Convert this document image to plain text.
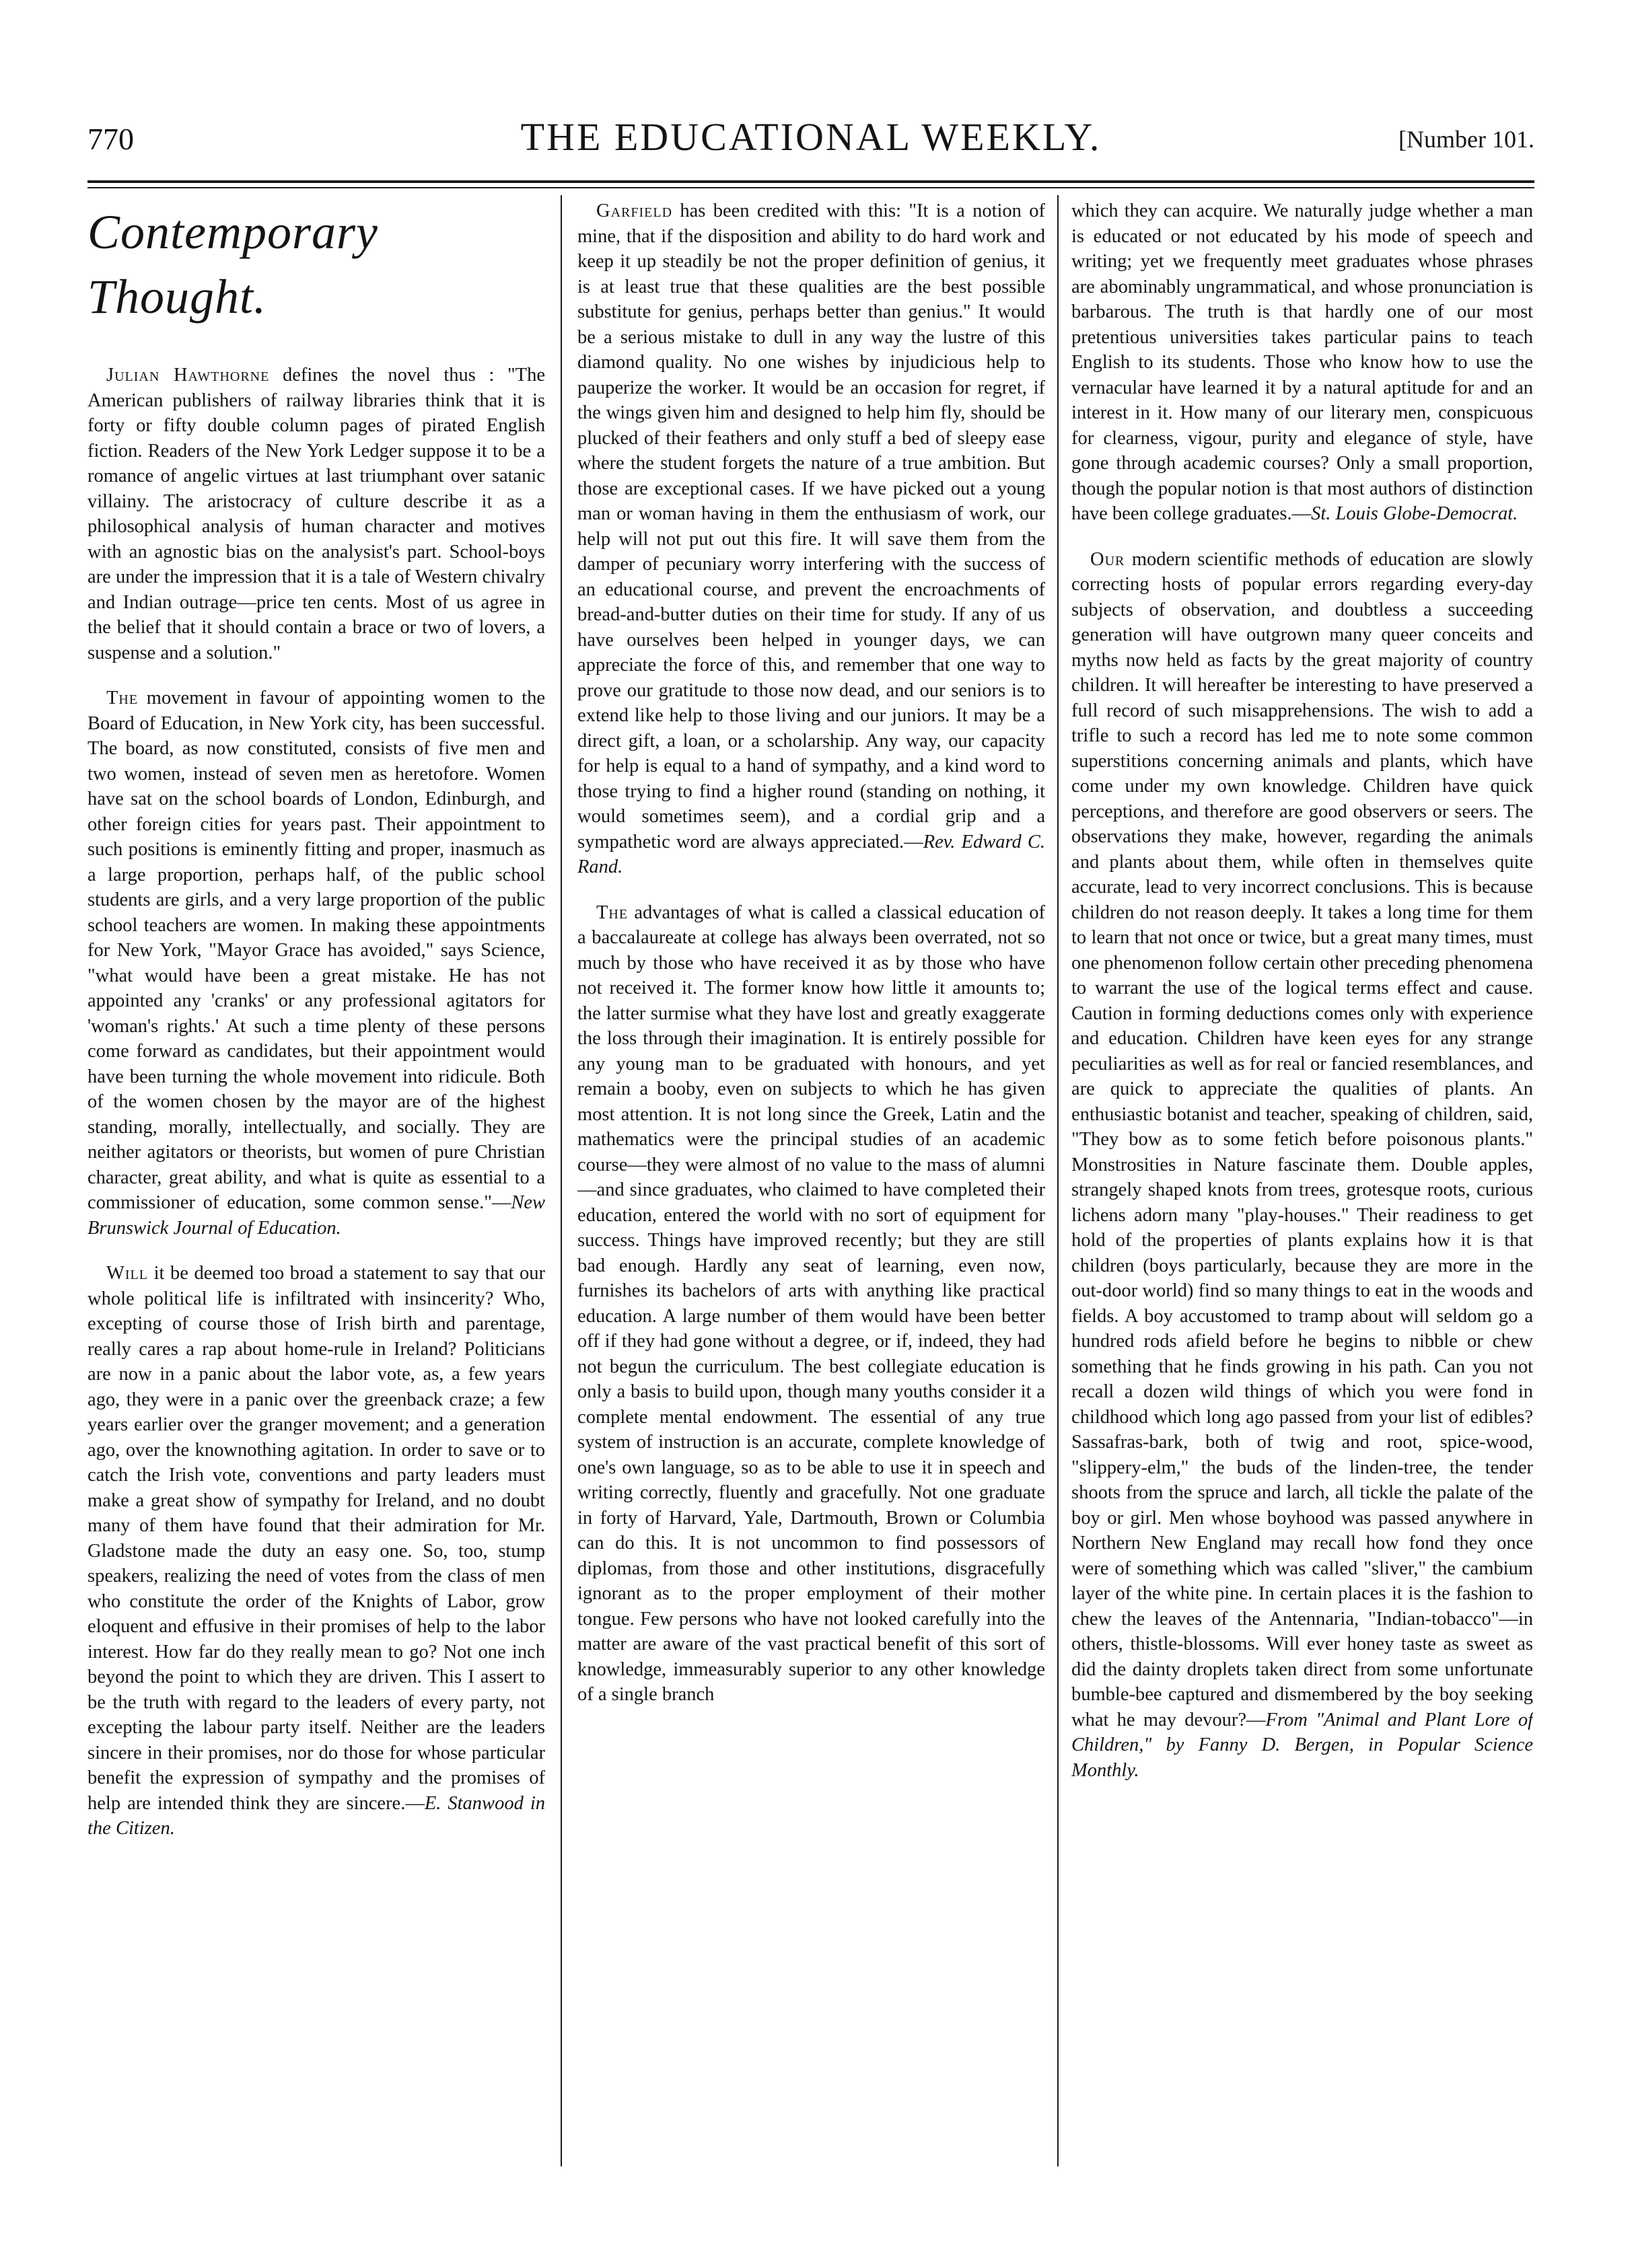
770	THE EDUCATIONAL WEEKLY.	[Number 101.
Contemporary Thought.

Julian Hawthorne defines the novel thus : "The American publishers of railway libraries think that it is forty or fifty double column pages of pirated English fiction. Readers of the New York Ledger suppose it to be a romance of angelic virtues at last triumphant over satanic villainy. The aristocracy of culture describe it as a philosophical analysis of human character and motives with an agnostic bias on the analysist's part. School-boys are under the impression that it is a tale of Western chivalry and Indian outrage—price ten cents. Most of us agree in the belief that it should contain a brace or two of lovers, a suspense and a solution."

The movement in favour of appointing women to the Board of Education, in New York city, has been successful. The board, as now constituted, consists of five men and two women, instead of seven men as heretofore. Women have sat on the school boards of London, Edinburgh, and other foreign cities for years past. Their appointment to such positions is eminently fitting and proper, inasmuch as a large proportion, perhaps half, of the public school students are girls, and a very large proportion of the public school teachers are women. In making these appointments for New York, "Mayor Grace has avoided," says Science, "what would have been a great mistake. He has not appointed any 'cranks' or any professional agitators for 'woman's rights.' At such a time plenty of these persons come forward as candidates, but their appointment would have been turning the whole movement into ridicule. Both of the women chosen by the mayor are of the highest standing, morally, intellectually, and socially. They are neither agitators or theorists, but women of pure Christian character, great ability, and what is quite as essential to a commissioner of education, some common sense."—New Brunswick Journal of Education.

Will it be deemed too broad a statement to say that our whole political life is infiltrated with insincerity? Who, excepting of course those of Irish birth and parentage, really cares a rap about home-rule in Ireland? Politicians are now in a panic about the labor vote, as, a few years ago, they were in a panic over the greenback craze; a few years earlier over the granger movement; and a generation ago, over the knownothing agitation. In order to save or to catch the Irish vote, conventions and party leaders must make a great show of sympathy for Ireland, and no doubt many of them have found that their admiration for Mr. Gladstone made the duty an easy one. So, too, stump speakers, realizing the need of votes from the class of men who constitute the order of the Knights of Labor, grow eloquent and effusive in their promises of help to the labor interest. How far do they really mean to go? Not one inch beyond the point to which they are driven. This I assert to be the truth with regard to the leaders of every party, not excepting the labour party itself. Neither are the leaders sincere in their promises, nor do those for whose particular benefit the expression of sympathy and the promises of help are intended think they are sincere.—E. Stanwood in the Citizen.

Garfield has been credited with this: "It is a notion of mine, that if the disposition and ability to do hard work and keep it up steadily be not the proper definition of genius, it is at least true that these qualities are the best possible substitute for genius, perhaps better than genius." It would be a serious mistake to dull in any way the lustre of this diamond quality. No one wishes by injudicious help to pauperize the worker. It would be an occasion for regret, if the wings given him and designed to help him fly, should be plucked of their feathers and only stuff a bed of sleepy ease where the student forgets the nature of a true ambition. But those are exceptional cases. If we have picked out a young man or woman having in them the enthusiasm of work, our help will not put out this fire. It will save them from the damper of pecuniary worry interfering with the success of an educational course, and prevent the encroachments of bread-and-butter duties on their time for study. If any of us have ourselves been helped in younger days, we can appreciate the force of this, and remember that one way to prove our gratitude to those now dead, and our seniors is to extend like help to those living and our juniors. It may be a direct gift, a loan, or a scholarship. Any way, our capacity for help is equal to a hand of sympathy, and a kind word to those trying to find a higher round (standing on nothing, it would sometimes seem), and a cordial grip and a sympathetic word are always appreciated.—Rev. Edward C. Rand.

The advantages of what is called a classical education of a baccalaureate at college has always been overrated, not so much by those who have received it as by those who have not received it. The former know how little it amounts to; the latter surmise what they have lost and greatly exaggerate the loss through their imagination. It is entirely possible for any young man to be graduated with honours, and yet remain a booby, even on subjects to which he has given most attention. It is not long since the Greek, Latin and the mathematics were the principal studies of an academic course—they were almost of no value to the mass of alumni—and since graduates, who claimed to have completed their education, entered the world with no sort of equipment for success. Things have improved recently; but they are still bad enough. Hardly any seat of learning, even now, furnishes its bachelors of arts with anything like practical education. A large number of them would have been better off if they had gone without a degree, or if, indeed, they had not begun the curriculum. The best collegiate education is only a basis to build upon, though many youths consider it a complete mental endowment. The essential of any true system of instruction is an accurate, complete knowledge of one's own language, so as to be able to use it in speech and writing correctly, fluently and gracefully. Not one graduate in forty of Harvard, Yale, Dartmouth, Brown or Columbia can do this. It is not uncommon to find possessors of diplomas, from those and other institutions, disgracefully ignorant as to the proper employment of their mother tongue. Few persons who have not looked carefully into the matter are aware of the vast practical benefit of this sort of knowledge, immeasurably superior to any other knowledge of a single branch

which they can acquire. We naturally judge whether a man is educated or not educated by his mode of speech and writing; yet we frequently meet graduates whose phrases are abominably ungrammatical, and whose pronunciation is barbarous. The truth is that hardly one of our most pretentious universities takes particular pains to teach English to its students. Those who know how to use the vernacular have learned it by a natural aptitude for and an interest in it. How many of our literary men, conspicuous for clearness, vigour, purity and elegance of style, have gone through academic courses? Only a small proportion, though the popular notion is that most authors of distinction have been college graduates.—St. Louis Globe-Democrat.

Our modern scientific methods of education are slowly correcting hosts of popular errors regarding every-day subjects of observation, and doubtless a succeeding generation will have outgrown many queer conceits and myths now held as facts by the great majority of country children. It will hereafter be interesting to have preserved a full record of such misapprehensions. The wish to add a trifle to such a record has led me to note some common superstitions concerning animals and plants, which have come under my own knowledge. Children have quick perceptions, and therefore are good observers or seers. The observations they make, however, regarding the animals and plants about them, while often in themselves quite accurate, lead to very incorrect conclusions. This is because children do not reason deeply. It takes a long time for them to learn that not once or twice, but a great many times, must one phenomenon follow certain other preceding phenomena to warrant the use of the logical terms effect and cause. Caution in forming deductions comes only with experience and education. Children have keen eyes for any strange peculiarities as well as for real or fancied resemblances, and are quick to appreciate the qualities of plants. An enthusiastic botanist and teacher, speaking of children, said, "They bow as to some fetich before poisonous plants." Monstrosities in Nature fascinate them. Double apples, strangely shaped knots from trees, grotesque roots, curious lichens adorn many "play-houses." Their readiness to get hold of the properties of plants explains how it is that children (boys particularly, because they are more in the out-door world) find so many things to eat in the woods and fields. A boy accustomed to tramp about will seldom go a hundred rods afield before he begins to nibble or chew something that he finds growing in his path. Can you not recall a dozen wild things of which you were fond in childhood which long ago passed from your list of edibles? Sassafras-bark, both of twig and root, spice-wood, "slippery-elm," the buds of the linden-tree, the tender shoots from the spruce and larch, all tickle the palate of the boy or girl. Men whose boyhood was passed anywhere in Northern New England may recall how fond they once were of something which was called "sliver," the cambium layer of the white pine. In certain places it is the fashion to chew the leaves of the Antennaria, "Indian-tobacco"—in others, thistle-blossoms. Will ever honey taste as sweet as did the dainty droplets taken direct from some unfortunate bumble-bee captured and dismembered by the boy seeking what he may devour?—From "Animal and Plant Lore of Children," by Fanny D. Bergen, in Popular Science Monthly.
